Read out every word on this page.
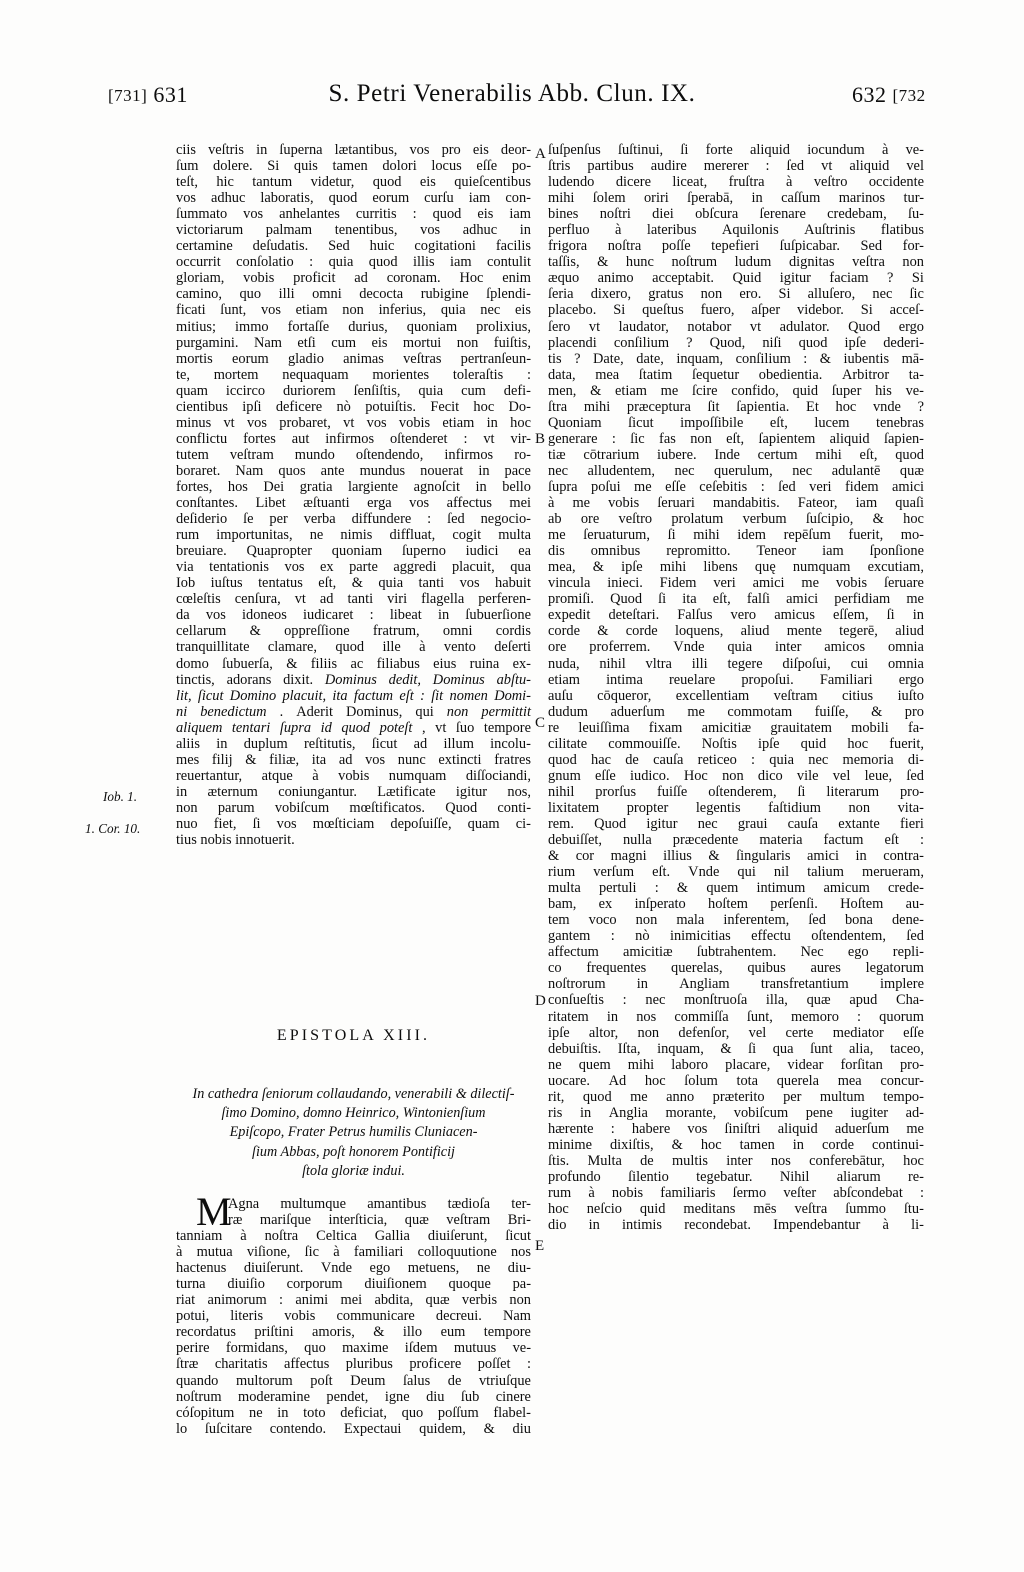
[731] 631	S. Petri Venerabilis Abb. Clun. IX.	632 [732
A
B
C
D
E
Iob. 1.
1. Cor. 10.
ciis veſtris in ſuperna lætantibus, vos pro eis deor-
ſum dolere. Si quis tamen dolori locus eſſe po-
teſt, hic tantum videtur, quod eis quieſcentibus
vos adhuc laboratis, quod eorum curſu iam con-
ſummato vos anhelantes curritis : quod eis iam
victoriarum palmam tenentibus, vos adhuc in
certamine deſudatis. Sed huic cogitationi facilis
occurrit conſolatio : quia quod illis iam contulit
gloriam, vobis proficit ad coronam. Hoc enim
camino, quo illi omni decocta rubigine ſplendi-
ficati ſunt, vos etiam non inferius, quia nec eis
mitius; immo fortaſſe durius, quoniam prolixius,
purgamini. Nam etſi cum eis mortui non fuiſtis,
mortis eorum gladio animas veſtras pertranſeun-
te, mortem nequaquam morientes toleraſtis :
quam iccirco duriorem ſenſiſtis, quia cum defi-
cientibus ipſi deficere nò potuiſtis. Fecit hoc Do-
minus vt vos probaret, vt vos vobis etiam in hoc
conflictu fortes aut infirmos oſtenderet : vt vir-
tutem veſtram mundo oſtendendo, infirmos ro-
boraret. Nam quos ante mundus nouerat in pace
fortes, hos Dei gratia largiente agnoſcit in bello
conſtantes. Libet æſtuanti erga vos affectus mei
deſiderio ſe per verba diffundere : ſed negocio-
rum importunitas, ne nimis diffluat, cogit multa
breuiare. Quapropter quoniam ſuperno iudici ea
via tentationis vos ex parte aggredi placuit, qua
Iob iuſtus tentatus eſt, & quia tanti vos habuit
cœleſtis cenſura, vt ad tanti viri flagella perferen-
da vos idoneos iudicaret : libeat in ſubuerſione
cellarum & oppreſſione fratrum, omni cordis
tranquillitate clamare, quod ille à vento deſerti
domo ſubuerſa, & filiis ac filiabus eius ruina ex-
tinctis, adorans dixit. Dominus dedit, Dominus abſtu-
lit, ſicut Domino placuit, ita factum eſt : ſit nomen Domi-
ni benedictum . Aderit Dominus, qui non permittit
aliquem tentari ſupra id quod poteſt , vt ſuo tempore
aliis in duplum reſtitutis, ſicut ad illum incolu-
mes filij & filiæ, ita ad vos nunc extincti fratres
reuertantur, atque à vobis numquam diſſociandi,
in æternum coniungantur. Lætificate igitur nos,
non parum vobiſcum mœſtificatos. Quod conti-
nuo fiet, ſi vos mœſticiam depoſuiſſe, quam ci-
tius nobis innotuerit.
EPISTOLA XIII.
In cathedra ſeniorum collaudando, venerabili & dilectiſ-
ſimo Domino, domno Heinrico, Wintonienſium
Epiſcopo, Frater Petrus humilis Cluniacen-
ſium Abbas, poſt honorem Pontificij
ſtola gloriæ indui.
M
Agna multumque amantibus tædioſa ter-
ræ mariſque interſticia, quæ veſtram Bri-
tanniam à noſtra Celtica Gallia diuiſerunt, ſicut
à mutua viſione, ſic à familiari colloquutione nos
hactenus diuiſerunt. Vnde ego metuens, ne diu-
turna diuiſio corporum diuiſionem quoque pa-
riat animorum : animi mei abdita, quæ verbis non
potui, literis vobis communicare decreui. Nam
recordatus priſtini amoris, & illo eum tempore
perire formidans, quo maxime iſdem mutuus ve-
ſtræ charitatis affectus pluribus proficere poſſet :
quando multorum poſt Deum ſalus de vtriuſque
noſtrum moderamine pendet, igne diu ſub cinere
cóſopitum ne in toto deficiat, quo poſſum flabel-
lo ſuſcitare contendo. Expectaui quidem, & diu
ſuſpenſus ſuſtinui, ſi forte aliquid iocundum à ve-
ſtris partibus audire mererer : ſed vt aliquid vel
ludendo dicere liceat, fruſtra à veſtro occidente
mihi ſolem oriri ſperabā, in caſſum marinos tur-
bines noſtri diei obſcura ſerenare credebam, ſu-
perfluo à lateribus Aquilonis Auſtrinis flatibus
frigora noſtra poſſe tepefieri ſuſpicabar. Sed for-
taſſis, & hunc noſtrum ludum dignitas veſtra non
æquo animo acceptabit. Quid igitur faciam ? Si
ſeria dixero, gratus non ero. Si alluſero, nec ſic
placebo. Si queſtus fuero, aſper videbor. Si acceſ-
ſero vt laudator, notabor vt adulator. Quod ergo
placendi conſilium ? Quod, niſi quod ipſe dederi-
tis ? Date, date, inquam, conſilium : & iubentis mā-
data, mea ſtatim ſequetur obedientia. Arbitror ta-
men, & etiam me ſcire confido, quid ſuper his ve-
ſtra mihi præceptura ſit ſapientia. Et hoc vnde ?
Quoniam ſicut impoſſibile eſt, lucem tenebras
generare : ſic fas non eſt, ſapientem aliquid ſapien-
tiæ cōtrarium iubere. Inde certum mihi eſt, quod
nec alludentem, nec querulum, nec adulantē quæ
ſupra poſui me eſſe ceſebitis : ſed veri fidem amici
à me vobis ſeruari mandabitis. Fateor, iam quaſi
ab ore veſtro prolatum verbum ſuſcipio, & hoc
me ſeruaturum, ſi mihi idem repēſum fuerit, mo-
dis omnibus repromitto. Teneor iam ſponſione
mea, & ipſe mihi libens quę numquam excutiam,
vincula inieci. Fidem veri amici me vobis ſeruare
promiſi. Quod ſi ita eſt, falſi amici perfidiam me
expedit deteſtari. Falſus vero amicus eſſem, ſi in
corde & corde loquens, aliud mente tegerē, aliud
ore proferrem. Vnde quia inter amicos omnia
nuda, nihil vltra illi tegere diſpoſui, cui omnia
etiam intima reuelare propoſui. Familiari ergo
auſu cōqueror, excellentiam veſtram citius iuſto
dudum aduerſum me commotam fuiſſe, & pro
re leuiſſima fixam amicitiæ grauitatem mobili fa-
cilitate commouiſſe. Noſtis ipſe quid hoc fuerit,
quod hac de cauſa reticeo : quia nec memoria di-
gnum eſſe iudico. Hoc non dico vile vel leue, ſed
nihil prorſus fuiſſe oſtenderem, ſi literarum pro-
lixitatem propter legentis faſtidium non vita-
rem. Quod igitur nec graui cauſa extante fieri
debuiſſet, nulla præcedente materia factum eſt :
& cor magni illius & ſingularis amici in contra-
rium verſum eſt. Vnde qui nil talium merueram,
multa pertuli : & quem intimum amicum crede-
bam, ex inſperato hoſtem perſenſi. Hoſtem au-
tem voco non mala inferentem, ſed bona dene-
gantem : nò inimicitias effectu oſtendentem, ſed
affectum amicitiæ ſubtrahentem. Nec ego repli-
co frequentes querelas, quibus aures legatorum
noſtrorum in Angliam transfretantium implere
conſueſtis : nec monſtruoſa illa, quæ apud Cha-
ritatem in nos commiſſa ſunt, memoro : quorum
ipſe altor, non defenſor, vel certe mediator eſſe
debuiſtis. Iſta, inquam, & ſi qua ſunt alia, taceo,
ne quem mihi laboro placare, videar forſitan pro-
uocare. Ad hoc ſolum tota querela mea concur-
rit, quod me anno præterito per multum tempo-
ris in Anglia morante, vobiſcum pene iugiter ad-
hærente : habere vos ſiniſtri aliquid aduerſum me
minime dixiſtis, & hoc tamen in corde continui-
ſtis. Multa de multis inter nos conferebātur, hoc
profundo ſilentio tegebatur. Nihil aliarum re-
rum à nobis familiaris ſermo veſter abſcondebat :
hoc neſcio quid meditans mēs veſtra ſummo ſtu-
dio in intimis recondebat. Impendebantur à li-
